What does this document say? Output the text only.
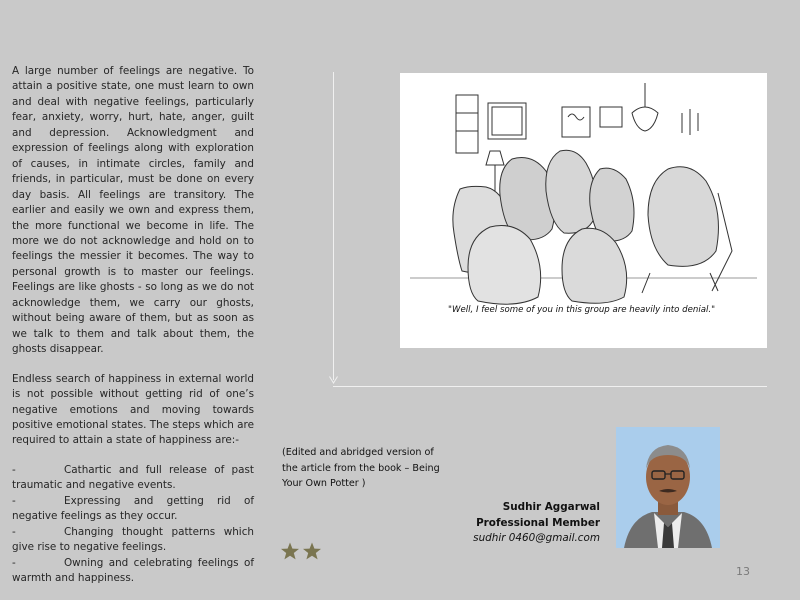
A large number of feelings are negative. To attain a positive state, one must learn to own and deal with negative feelings, particularly fear, anxiety, worry, hurt, hate, anger, guilt and depression. Acknowledgment and expression of feelings along with exploration of causes, in intimate circles, family and friends, in particular, must be done on every day basis. All feelings are transitory. The earlier and easily we own and express them, the more functional we become in life. The more we do not acknowledge and hold on to feelings the messier it becomes. The way to personal growth is to master our feelings. Feelings are like ghosts - so long as we do not acknowledge them, we carry our ghosts, without being aware of them, but as soon as we talk to them and talk about them, the ghosts disappear.

Endless search of happiness in external world is not possible without getting rid of one’s negative emotions and moving towards positive emotional states. The steps which are required to attain a state of happiness are:-

-	Cathartic and full release of past traumatic and negative events.
-	Expressing and getting rid of negative feelings as they occur.
-	Changing thought patterns which give rise to negative feelings.
-	Owning and celebrating feelings of warmth and happiness.
"Well, I feel some of you in this group are heavily into denial."
(Edited and abridged version of the article from the book – Being Your Own Potter )
Sudhir Aggarwal
Professional Member
sudhir 0460@gmail.com
13
